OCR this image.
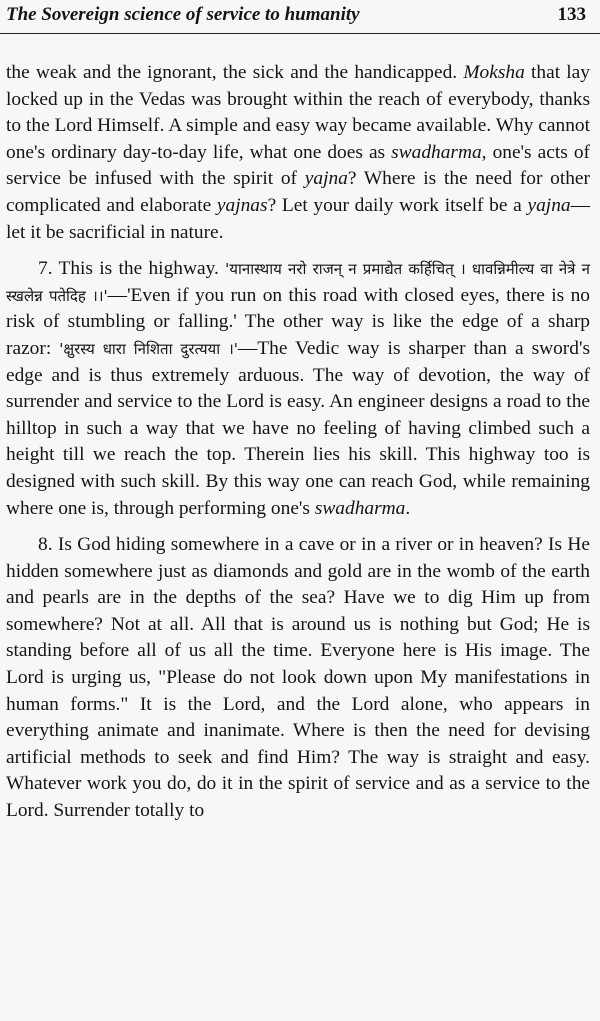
The Sovereign science of service to humanity	133

the weak and the ignorant, the sick and the handicapped. Moksha that lay locked up in the Vedas was brought within the reach of everybody, thanks to the Lord Himself. A simple and easy way became available. Why cannot one's ordinary day-to-day life, what one does as swadharma, one's acts of service be infused with the spirit of yajna? Where is the need for other complicated and elaborate yajnas? Let your daily work itself be a yajna—let it be sacrificial in nature.

7. This is the highway. 'यानास्थाय नरो राजन् न प्रमाद्येत कर्हिचित् । धावन्निमील्य वा नेत्रे न स्खलेन्न पतेदिह ।।'—'Even if you run on this road with closed eyes, there is no risk of stumbling or falling.' The other way is like the edge of a sharp razor: 'क्षुरस्य धारा निशिता दुरत्यया ।'—The Vedic way is sharper than a sword's edge and is thus extremely arduous. The way of devotion, the way of surrender and service to the Lord is easy. An engineer designs a road to the hilltop in such a way that we have no feeling of having climbed such a height till we reach the top. Therein lies his skill. This highway too is designed with such skill. By this way one can reach God, while remaining where one is, through performing one's swadharma.

8. Is God hiding somewhere in a cave or in a river or in heaven? Is He hidden somewhere just as diamonds and gold are in the womb of the earth and pearls are in the depths of the sea? Have we to dig Him up from somewhere? Not at all. All that is around us is nothing but God; He is standing before all of us all the time. Everyone here is His image. The Lord is urging us, "Please do not look down upon My manifestations in human forms." It is the Lord, and the Lord alone, who appears in everything animate and inanimate. Where is then the need for devising artificial methods to seek and find Him? The way is straight and easy. Whatever work you do, do it in the spirit of service and as a service to the Lord. Surrender totally to
